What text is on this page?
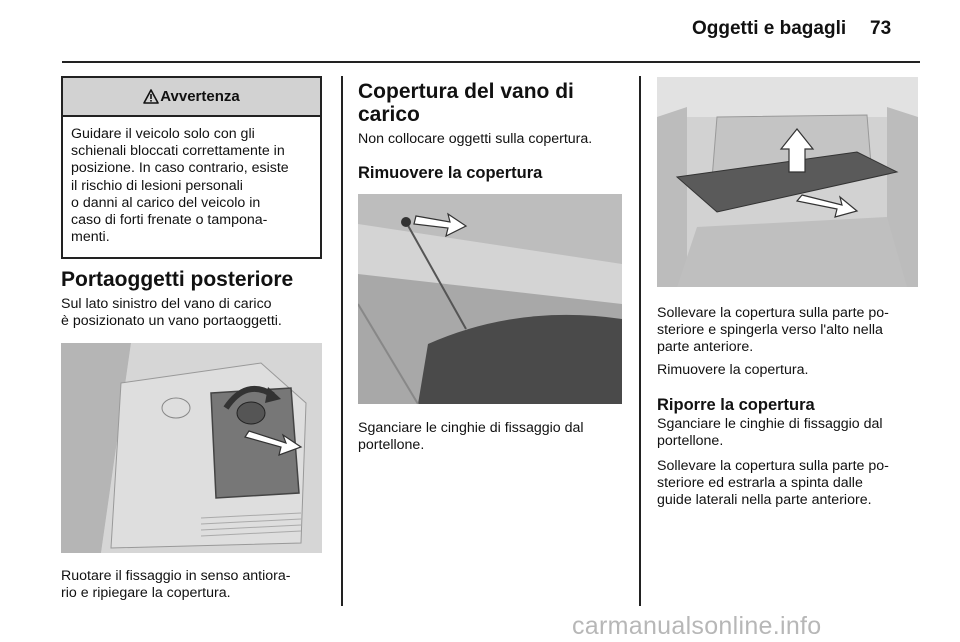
Oggetti e bagagli 73
Avvertenza
Guidare il veicolo solo con gli
schienali bloccati correttamente in
posizione. In caso contrario, esiste
il rischio di lesioni personali
o danni al carico del veicolo in
caso di forti frenate o tampona-
menti.
Portaoggetti posteriore
Sul lato sinistro del vano di carico
è posizionato un vano portaoggetti.
Ruotare il fissaggio in senso antiora-
rio e ripiegare la copertura.
Copertura del vano di
carico
Non collocare oggetti sulla copertura.
Rimuovere la copertura
Sganciare le cinghie di fissaggio dal
portellone.
Sollevare la copertura sulla parte po-
steriore e spingerla verso l'alto nella
parte anteriore.
Rimuovere la copertura.
Riporre la copertura
Sganciare le cinghie di fissaggio dal
portellone.
Sollevare la copertura sulla parte po-
steriore ed estrarla a spinta dalle
guide laterali nella parte anteriore.
carmanualsonline.info
